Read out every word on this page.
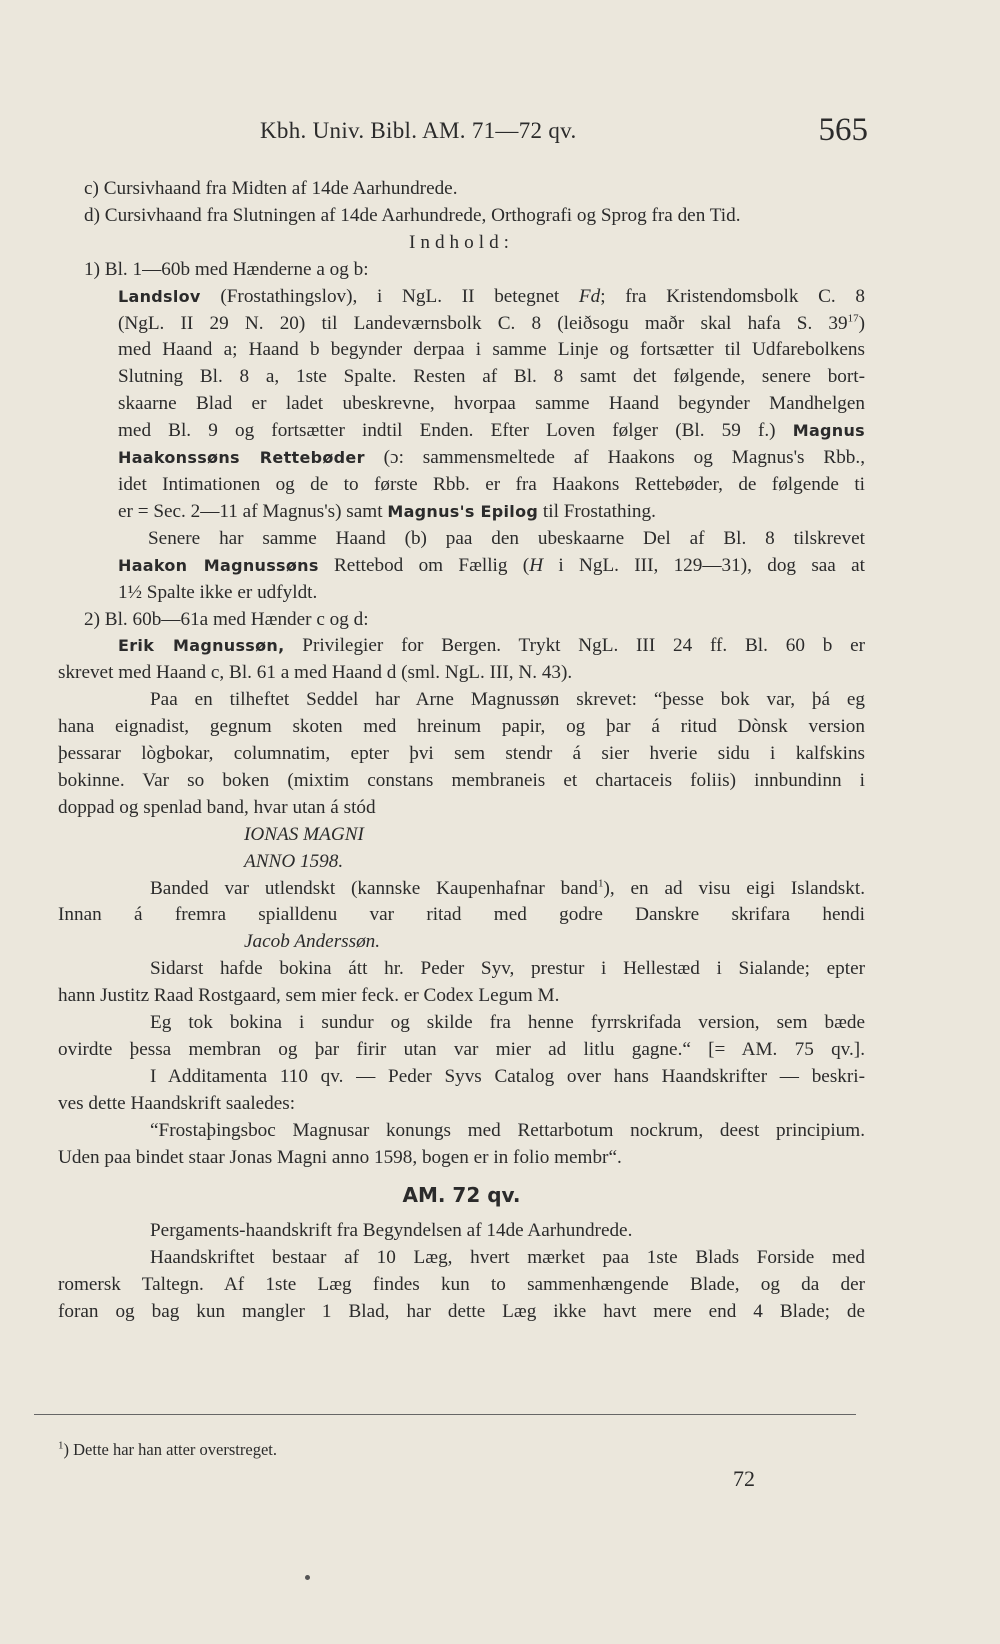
Kbh. Univ. Bibl. AM. 71—72 qv.	565
c) Cursivhaand fra Midten af 14de Aarhundrede.
d) Cursivhaand fra Slutningen af 14de Aarhundrede, Orthografi og Sprog fra den Tid.
Indhold:
1) Bl. 1—60b med Hænderne a og b:
Landslov (Frostathingslov), i NgL. II betegnet Fd; fra Kristendomsbolk C. 8
(NgL. II 29 N. 20) til Landeværnsbolk C. 8 (leiðsogu maðr skal hafa S. $39^{17}$)
med Haand a; Haand b begynder derpaa i samme Linje og fortsætter til Udfarebolkens
Slutning Bl. 8 a, 1ste Spalte. Resten af Bl. 8 samt det følgende, senere bort-
skaarne Blad er ladet ubeskrevne, hvorpaa samme Haand begynder Mandhelgen
med Bl. 9 og fortsætter indtil Enden. Efter Loven følger (Bl. 59 f.) Magnus
Haakonssøns Rettebøder (ɔ: sammensmeltede af Haakons og Magnus's Rbb.,
idet Intimationen og de to første Rbb. er fra Haakons Rettebøder, de følgende ti
er = Sec. 2—11 af Magnus's) samt Magnus's Epilog til Frostathing.
Senere har samme Haand (b) paa den ubeskaarne Del af Bl. 8 tilskrevet
Haakon Magnussøns Rettebod om Fællig (H i NgL. III, 129—31), dog saa at
1½ Spalte ikke er udfyldt.
2) Bl. 60b—61a med Hænder c og d:
Erik Magnussøn, Privilegier for Bergen. Trykt NgL. III 24 ff. Bl. 60 b er
skrevet med Haand c, Bl. 61 a med Haand d (sml. NgL. III, N. 43).
Paa en tilheftet Seddel har Arne Magnussøn skrevet: “þesse bok var, þá eg
hana eignadist, gegnum skoten med hreinum papir, og þar á ritud Dònsk version
þessarar lògbokar, columnatim, epter þvi sem stendr á sier hverie sidu i kalfskins
bokinne. Var so boken (mixtim constans membraneis et chartaceis foliis) innbundinn i
doppad og spenlad band, hvar utan á stód
IONAS MAGNI
ANNO 1598.
Banded var utlendskt (kannske Kaupenhafnar band$^1$), en ad visu eigi Islandskt.
Innan á fremra spialldenu var ritad med godre Danskre skrifara hendi
Jacob Anderssøn.
Sidarst hafde bokina átt hr. Peder Syv, prestur i Hellestæd i Sialande; epter
hann Justitz Raad Rostgaard, sem mier feck. er Codex Legum M.
Eg tok bokina i sundur og skilde fra henne fyrrskrifada version, sem bæde
ovirdte þessa membran og þar firir utan var mier ad litlu gagne.“ [= AM. 75 qv.].
I Additamenta 110 qv. — Peder Syvs Catalog over hans Haandskrifter — beskri-
ves dette Haandskrift saaledes:
“Frostaþingsboc Magnusar konungs med Rettarbotum nockrum, deest principium.
Uden paa bindet staar Jonas Magni anno 1598, bogen er in folio membr“.
AM. 72 qv.
Pergaments-haandskrift fra Begyndelsen af 14de Aarhundrede.
Haandskriftet bestaar af 10 Læg, hvert mærket paa 1ste Blads Forside med
romersk Taltegn. Af 1ste Læg findes kun to sammenhængende Blade, og da der
foran og bag kun mangler 1 Blad, har dette Læg ikke havt mere end 4 Blade; de
$^1$) Dette har han atter overstreget.
72
